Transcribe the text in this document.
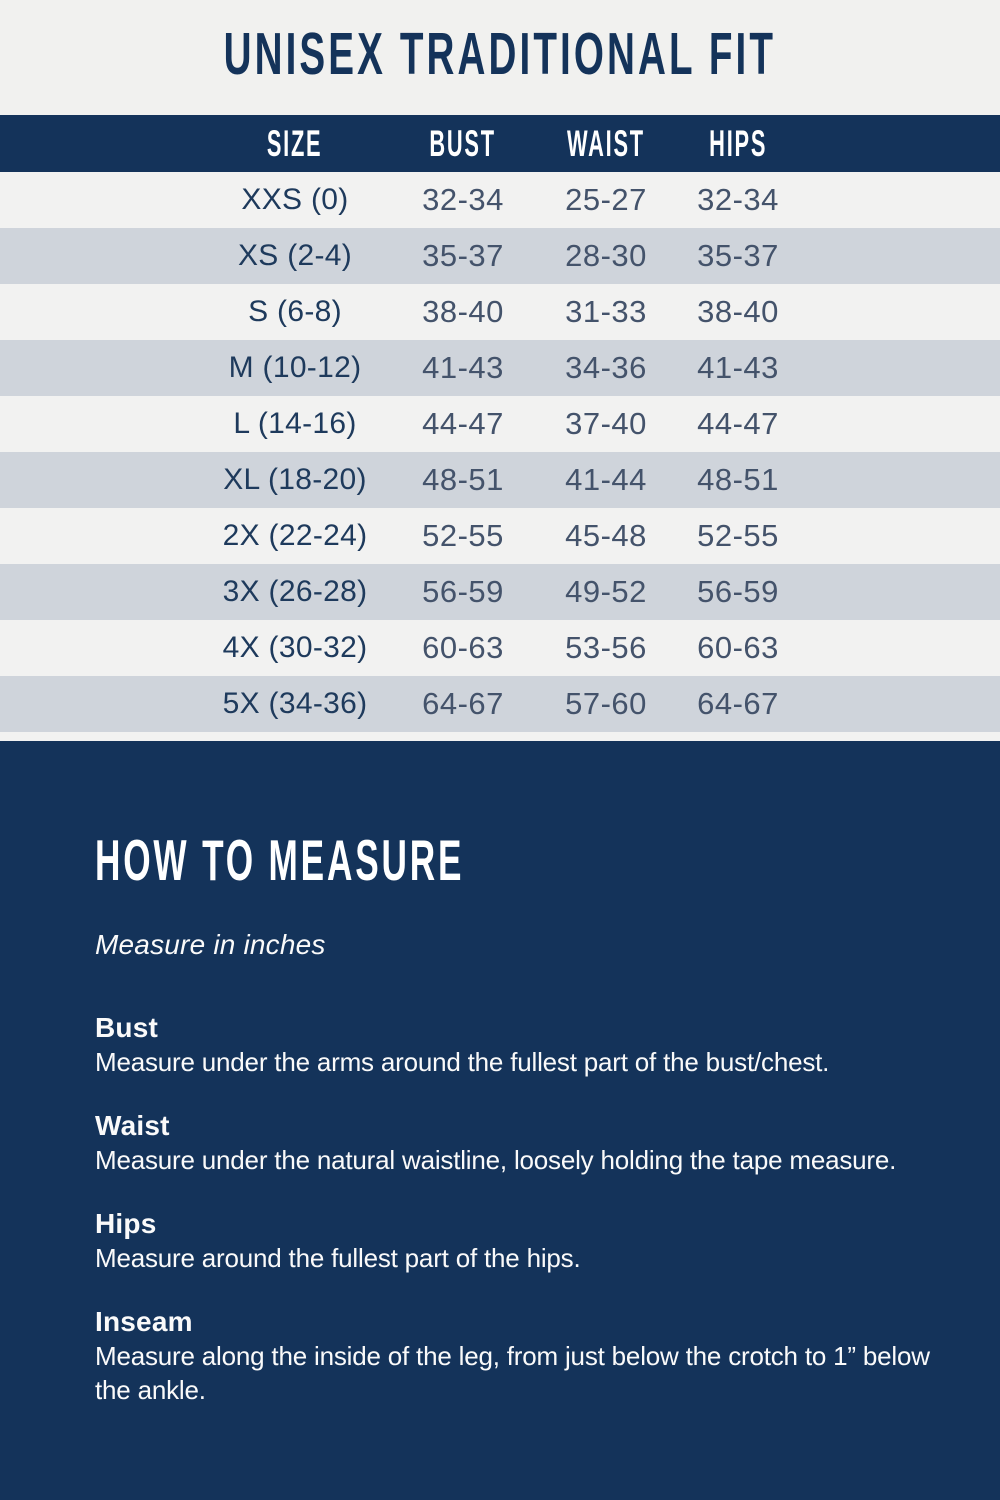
UNISEX TRADITIONAL FIT
SIZE	BUST	WAIST	HIPS
XXS (0)	32-34	25-27	32-34
XS (2-4)	35-37	28-30	35-37
S (6-8)	38-40	31-33	38-40
M (10-12)	41-43	34-36	41-43
L (14-16)	44-47	37-40	44-47
XL (18-20)	48-51	41-44	48-51
2X (22-24)	52-55	45-48	52-55
3X (26-28)	56-59	49-52	56-59
4X (30-32)	60-63	53-56	60-63
5X (34-36)	64-67	57-60	64-67
HOW TO MEASURE

Measure in inches

Bust
Measure under the arms around the fullest part of the bust/chest.
Waist
Measure under the natural waistline, loosely holding the tape measure.
Hips
Measure around the fullest part of the hips.
Inseam
Measure along the inside of the leg, from just below the crotch to 1” below the ankle.
